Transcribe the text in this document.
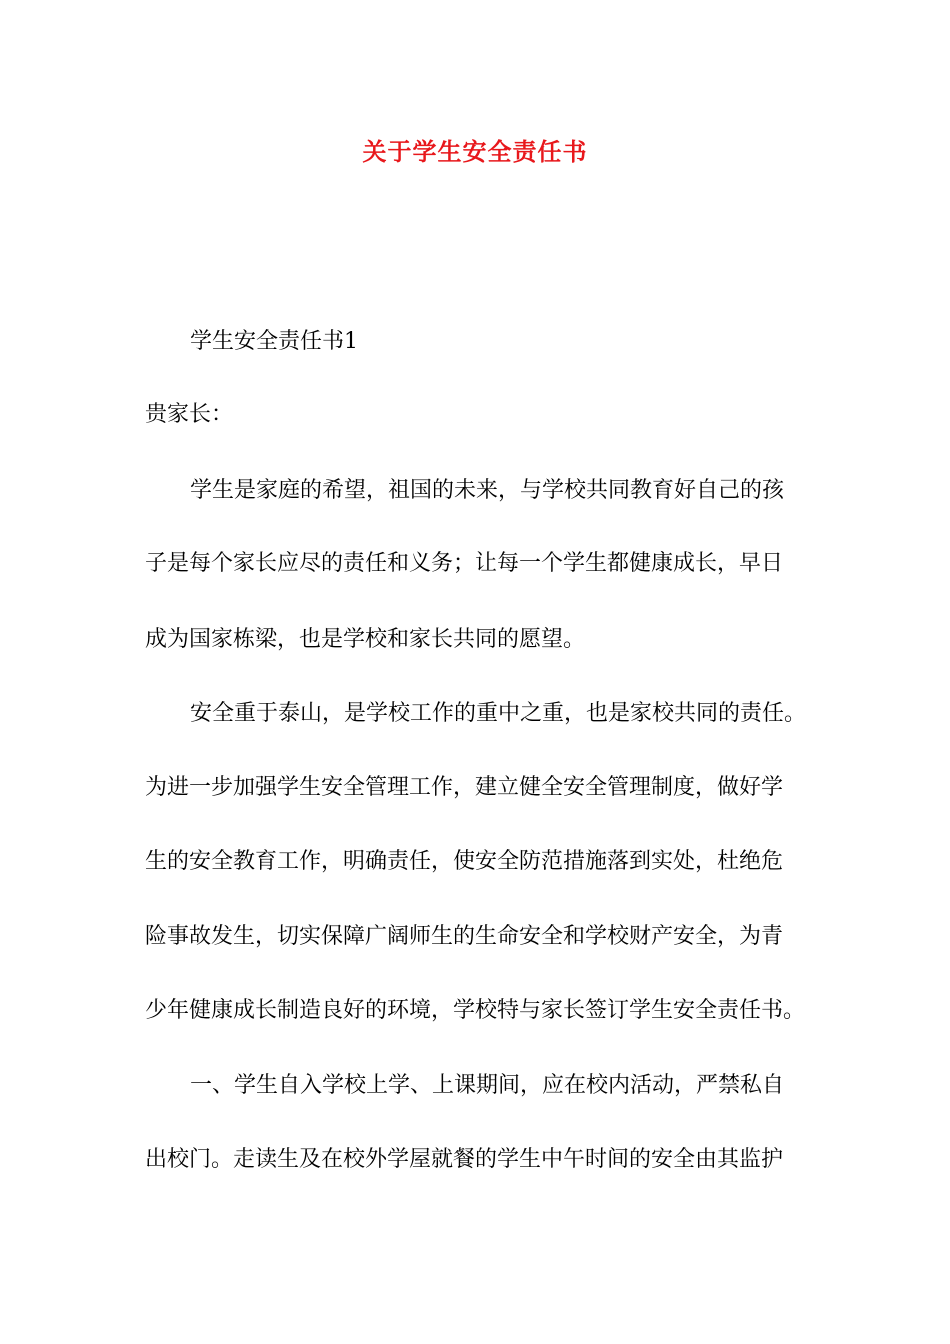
关于学生安全责任书
学生安全责任书1
贵家长：
学生是家庭的希望，祖国的未来，与学校共同教育好自己的孩
子是每个家长应尽的责任和义务；让每一个学生都健康成长，早日
成为国家栋梁，也是学校和家长共同的愿望。
安全重于泰山，是学校工作的重中之重，也是家校共同的责任。
为进一步加强学生安全管理工作，建立健全安全管理制度，做好学
生的安全教育工作，明确责任，使安全防范措施落到实处，杜绝危
险事故发生，切实保障广阔师生的生命安全和学校财产安全，为青
少年健康成长制造良好的环境，学校特与家长签订学生安全责任书。
一、学生自入学校上学、上课期间，应在校内活动，严禁私自
出校门。走读生及在校外学屋就餐的学生中午时间的安全由其监护
